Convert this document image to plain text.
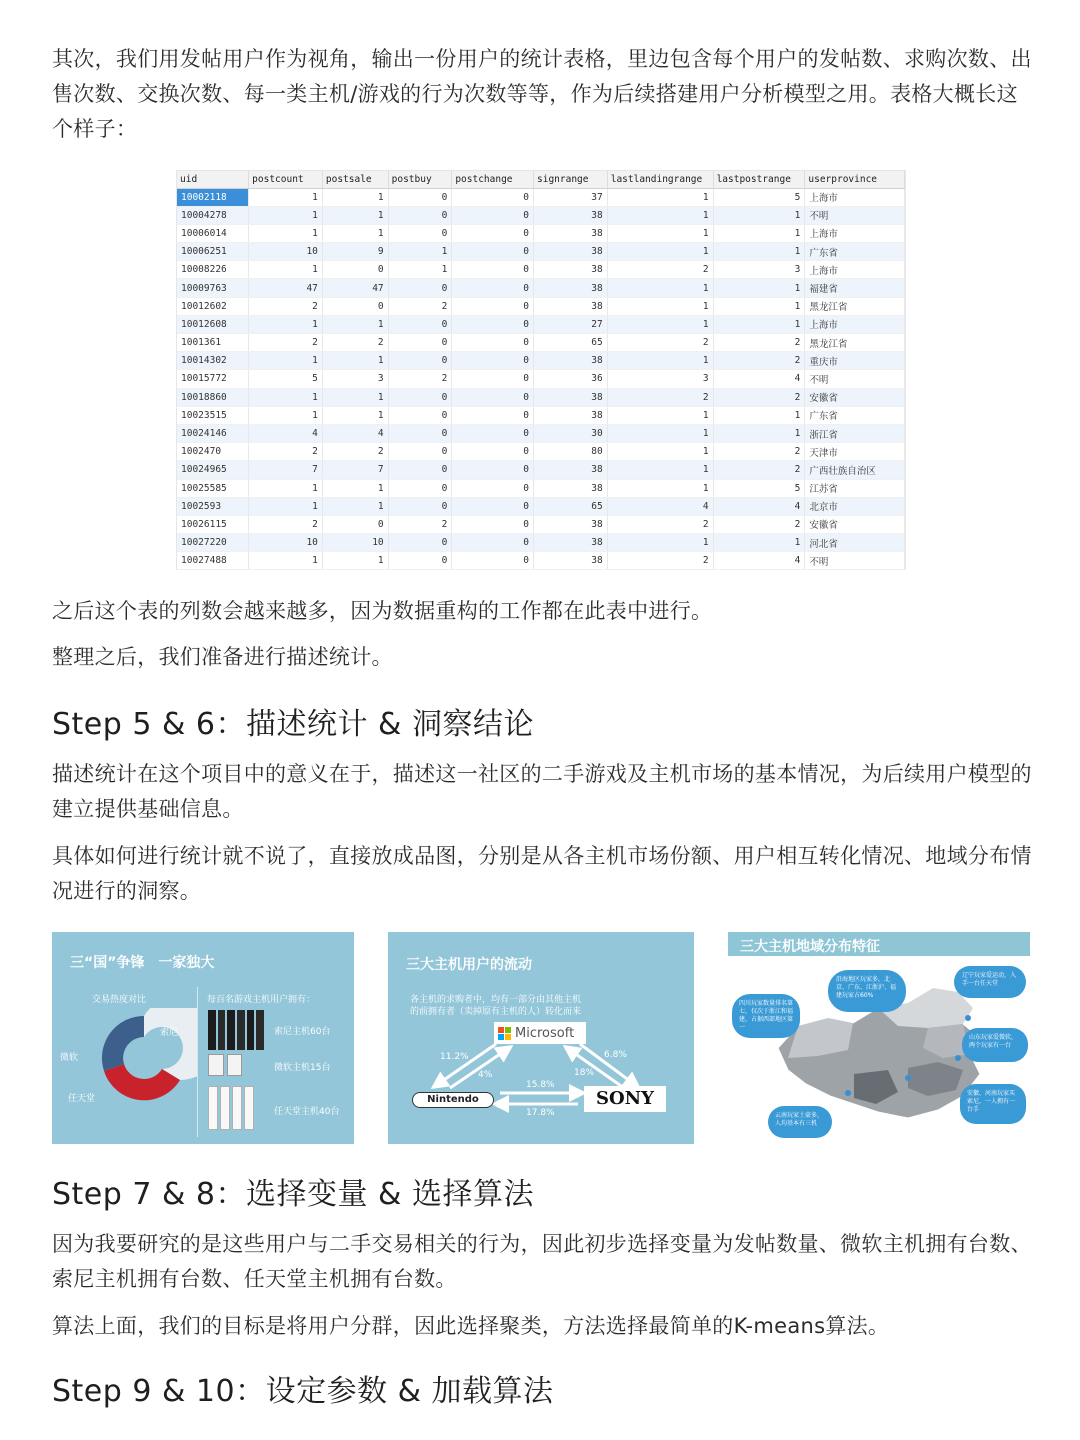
其次，我们用发帖用户作为视角，输出一份用户的统计表格，里边包含每个用户的发帖数、求购次数、出售次数、交换次数、每一类主机/游戏的行为次数等等，作为后续搭建用户分析模型之用。表格大概长这个样子：
uid	postcount	postsale	postbuy	postchange	signrange	lastlandingrange	lastpostrange	userprovince
10002118	1	1	0	0	37	1	5	上海市
10004278	1	1	0	0	38	1	1	不明
10006014	1	1	0	0	38	1	1	上海市
10006251	10	9	1	0	38	1	1	广东省
10008226	1	0	1	0	38	2	3	上海市
10009763	47	47	0	0	38	1	1	福建省
10012602	2	0	2	0	38	1	1	黑龙江省
10012608	1	1	0	0	27	1	1	上海市
1001361	2	2	0	0	65	2	2	黑龙江省
10014302	1	1	0	0	38	1	2	重庆市
10015772	5	3	2	0	36	3	4	不明
10018860	1	1	0	0	38	2	2	安徽省
10023515	1	1	0	0	38	1	1	广东省
10024146	4	4	0	0	30	1	1	浙江省
1002470	2	2	0	0	80	1	2	天津市
10024965	7	7	0	0	38	1	2	广西壮族自治区
10025585	1	1	0	0	38	1	5	江苏省
1002593	1	1	0	0	65	4	4	北京市
10026115	2	0	2	0	38	2	2	安徽省
10027220	10	10	0	0	38	1	1	河北省
10027488	1	1	0	0	38	2	4	不明
之后这个表的列数会越来越多，因为数据重构的工作都在此表中进行。
整理之后，我们准备进行描述统计。
Step 5 & 6：描述统计 & 洞察结论
描述统计在这个项目中的意义在于，描述这一社区的二手游戏及主机市场的基本情况，为后续用户模型的建立提供基础信息。
具体如何进行统计就不说了，直接放成品图，分别是从各主机市场份额、用户相互转化情况、地域分布情况进行的洞察。
三“国”争锋　一家独大
交易热度对比	每百名游戏主机用户拥有：
索尼
微软
任天堂
索尼主机60台
微软主机15台
任天堂主机40台
三大主机用户的流动
各主机的求购者中，均有一部分由其他主机
的前拥有者（卖掉原有主机的人）转化而来
Microsoft
Nintendo	SONY
11.2%
4%
6.8%
18%
15.8%
17.8%
三大主机地域分布特征
沿海地区玩家多，北京、广东、江浙沪、福建玩家占60%
辽宁玩家爱运动，入手一台任天堂
四川玩家数量排名第七，仅次于浙江和福建，占据西部地区第一
山东玩家爱微软，两个玩家有一台
安徽、河南玩家买索尼，一人拥有一台手
云南玩家土豪多，人均基本有三机
Step 7 & 8：选择变量 & 选择算法
因为我要研究的是这些用户与二手交易相关的行为，因此初步选择变量为发帖数量、微软主机拥有台数、索尼主机拥有台数、任天堂主机拥有台数。
算法上面，我们的目标是将用户分群，因此选择聚类，方法选择最简单的K-means算法。
Step 9 & 10：设定参数 & 加载算法
